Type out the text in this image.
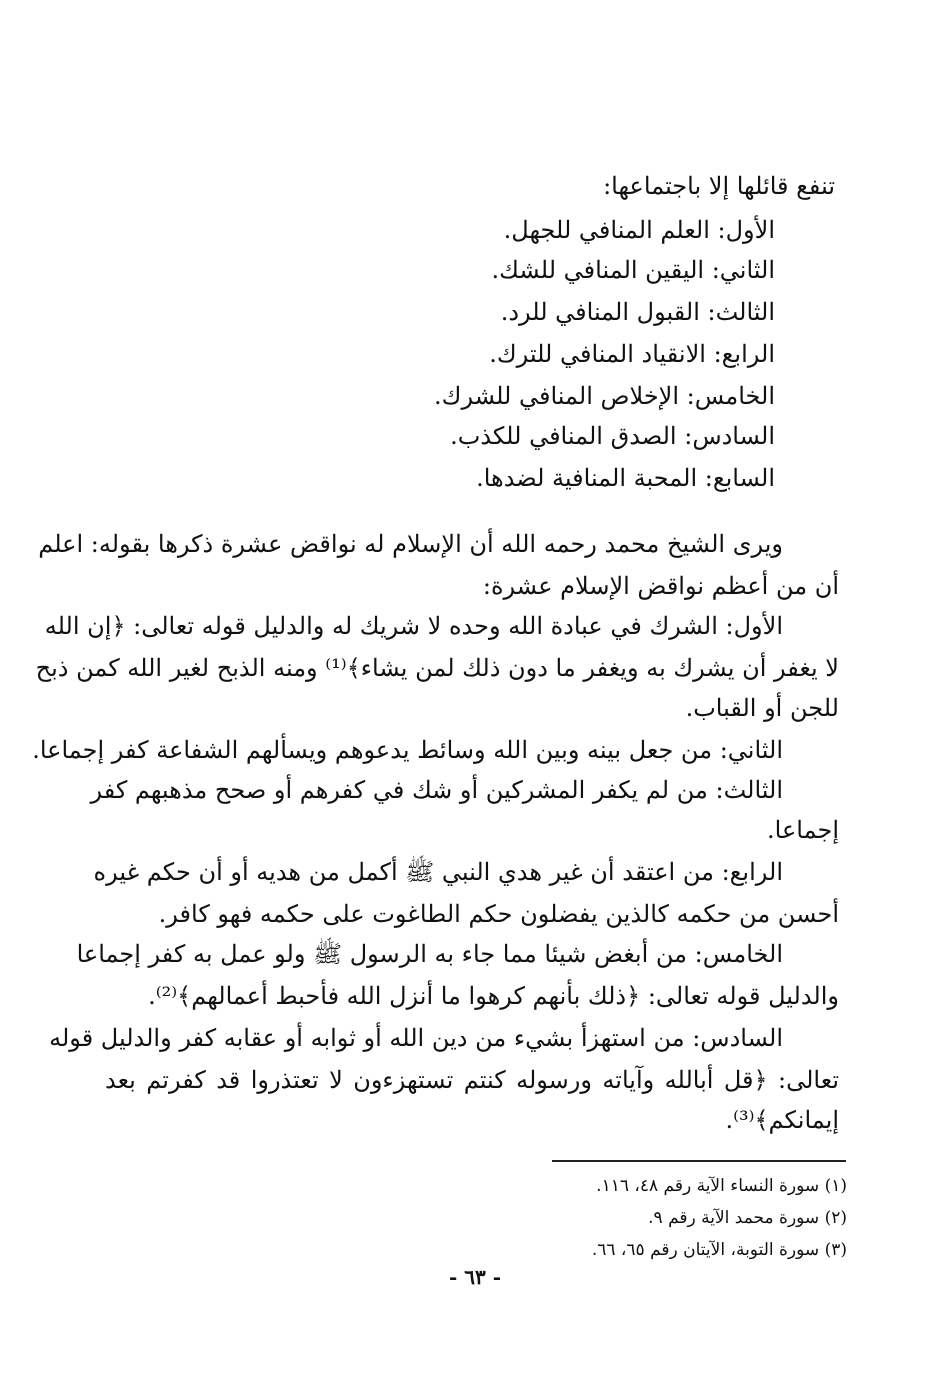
تنفع قائلها إلا باجتماعها:
الأول: العلم المنافي للجهل.
الثاني: اليقين المنافي للشك.
الثالث: القبول المنافي للرد.
الرابع: الانقياد المنافي للترك.
الخامس: الإخلاص المنافي للشرك.
السادس: الصدق المنافي للكذب.
السابع: المحبة المنافية لضدها.
ويرى الشيخ محمد رحمه الله أن الإسلام له نواقض عشرة ذكرها بقوله: اعلم
أن من أعظم نواقض الإسلام عشرة:
الأول: الشرك في عبادة الله وحده لا شريك له والدليل قوله تعالى: ﴿إن الله
لا يغفر أن يشرك به ويغفر ما دون ذلك لمن يشاء﴾⁽¹⁾ ومنه الذبح لغير الله كمن ذبح
للجن أو القباب.
الثاني: من جعل بينه وبين الله وسائط يدعوهم ويسألهم الشفاعة كفر إجماعا.
الثالث: من لم يكفر المشركين أو شك في كفرهم أو صحح مذهبهم كفر
إجماعا.
الرابع: من اعتقد أن غير هدي النبي ﷺ أكمل من هديه أو أن حكم غيره
أحسن من حكمه كالذين يفضلون حكم الطاغوت على حكمه فهو كافر.
الخامس: من أبغض شيئا مما جاء به الرسول ﷺ ولو عمل به كفر إجماعا
والدليل قوله تعالى: ﴿ذلك بأنهم كرهوا ما أنزل الله فأحبط أعمالهم﴾⁽²⁾.
السادس: من استهزأ بشيء من دين الله أو ثوابه أو عقابه كفر والدليل قوله
تعالى: ﴿قل أبالله وآياته ورسوله كنتم تستهزءون لا تعتذروا قد كفرتم بعد
إيمانكم﴾⁽³⁾.
(١) سورة النساء الآية رقم ٤٨، ١١٦.
(٢) سورة محمد الآية رقم ٩.
(٣) سورة التوبة، الآيتان رقم ٦٥، ٦٦.
- ٦٣ -
